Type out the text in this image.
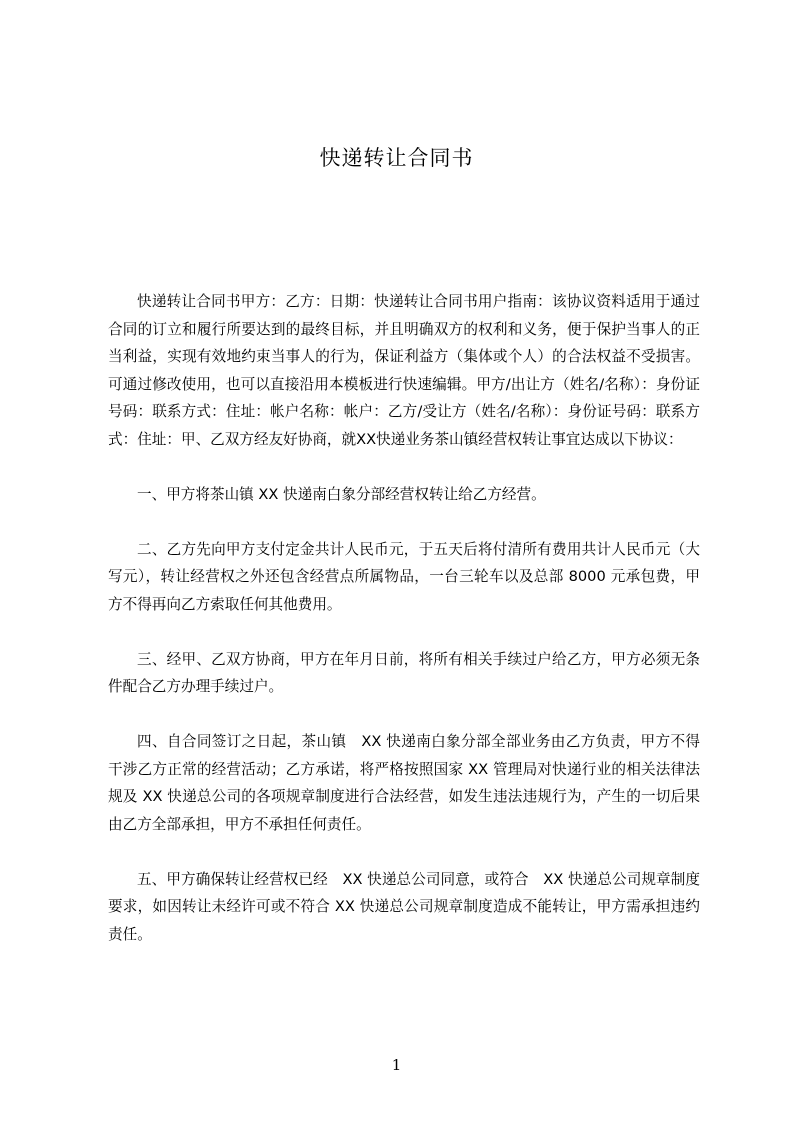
快递转让合同书

快递转让合同书甲方：乙方：日期：快递转让合同书用户指南：该协议资料适用于通过合同的订立和履行所要达到的最终目标，并且明确双方的权利和义务，便于保护当事人的正当利益，实现有效地约束当事人的行为，保证利益方（集体或个人）的合法权益不受损害。可通过修改使用，也可以直接沿用本模板进行快速编辑。甲方/出让方（姓名/名称）：身份证号码：联系方式：住址：帐户名称：帐户：乙方/受让方（姓名/名称）：身份证号码：联系方式：住址：甲、乙双方经友好协商，就XX快递业务茶山镇经营权转让事宜达成以下协议：

一、甲方将茶山镇 XX 快递南白象分部经营权转让给乙方经营。

二、乙方先向甲方支付定金共计人民币元，于五天后将付清所有费用共计人民币元（大写元），转让经营权之外还包含经营点所属物品，一台三轮车以及总部 8000 元承包费，甲方不得再向乙方索取任何其他费用。

三、经甲、乙双方协商，甲方在年月日前，将所有相关手续过户给乙方，甲方必须无条件配合乙方办理手续过户。

四、自合同签订之日起，茶山镇　XX 快递南白象分部全部业务由乙方负责，甲方不得干涉乙方正常的经营活动；乙方承诺，将严格按照国家 XX 管理局对快递行业的相关法律法规及 XX 快递总公司的各项规章制度进行合法经营，如发生违法违规行为，产生的一切后果由乙方全部承担，甲方不承担任何责任。

五、甲方确保转让经营权已经　XX 快递总公司同意，或符合　XX 快递总公司规章制度要求，如因转让未经许可或不符合 XX 快递总公司规章制度造成不能转让，甲方需承担违约责任。

1
